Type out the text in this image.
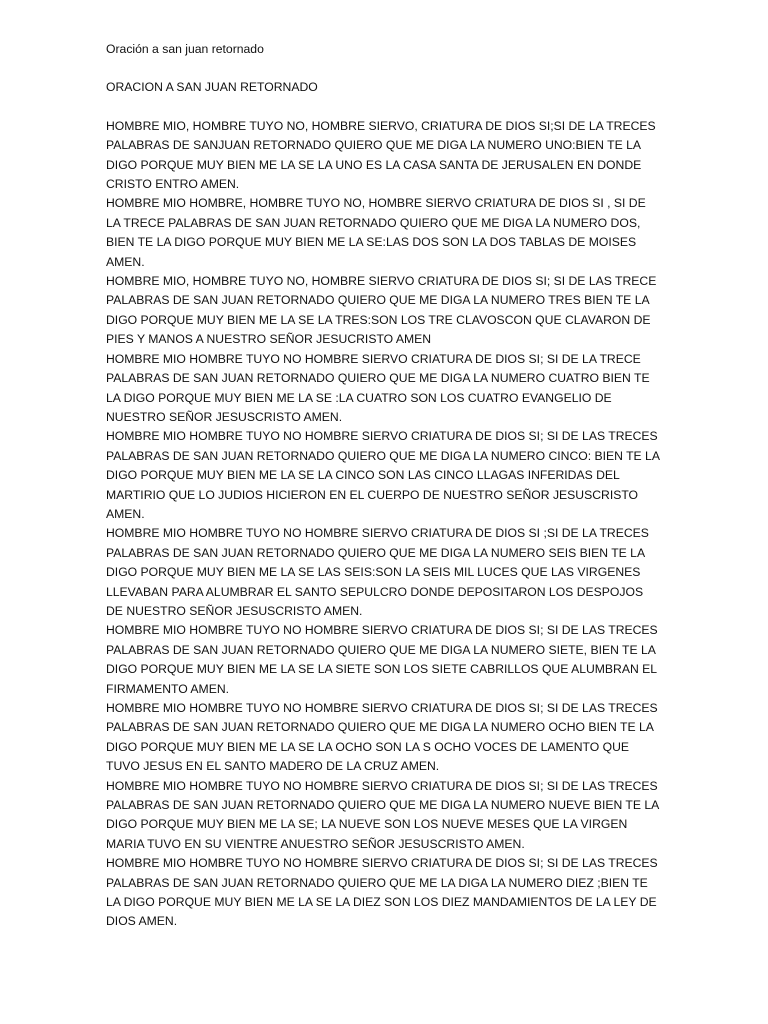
Oración a san juan retornado

ORACION A SAN JUAN RETORNADO

HOMBRE MIO, HOMBRE TUYO NO, HOMBRE SIERVO, CRIATURA DE DIOS SI;SI DE LA TRECES PALABRAS DE SANJUAN RETORNADO QUIERO QUE ME DIGA LA NUMERO UNO:BIEN TE LA DIGO PORQUE MUY BIEN ME LA SE LA UNO ES LA CASA SANTA DE JERUSALEN EN DONDE CRISTO ENTRO AMEN.

HOMBRE MIO HOMBRE, HOMBRE TUYO NO, HOMBRE SIERVO CRIATURA DE DIOS SI , SI DE LA TRECE PALABRAS DE SAN JUAN RETORNADO QUIERO QUE ME DIGA LA NUMERO DOS, BIEN TE LA DIGO PORQUE MUY BIEN ME LA SE:LAS DOS SON LA DOS TABLAS DE MOISES AMEN.

HOMBRE MIO, HOMBRE TUYO NO, HOMBRE SIERVO CRIATURA DE DIOS SI; SI DE LAS TRECE PALABRAS DE SAN JUAN RETORNADO QUIERO QUE ME DIGA LA NUMERO TRES BIEN TE LA DIGO PORQUE MUY BIEN ME LA SE LA TRES:SON LOS TRE CLAVOSCON QUE CLAVARON DE PIES Y MANOS A NUESTRO SEÑOR JESUCRISTO AMEN

HOMBRE MIO HOMBRE TUYO NO HOMBRE SIERVO CRIATURA DE DIOS SI; SI DE LA TRECE PALABRAS DE SAN JUAN RETORNADO QUIERO QUE ME DIGA LA NUMERO CUATRO BIEN TE LA DIGO PORQUE MUY BIEN ME LA SE :LA CUATRO SON LOS CUATRO EVANGELIO DE NUESTRO SEÑOR JESUSCRISTO AMEN.

HOMBRE MIO HOMBRE TUYO NO HOMBRE SIERVO CRIATURA DE DIOS SI; SI DE LAS TRECES PALABRAS DE SAN JUAN RETORNADO QUIERO QUE ME DIGA LA NUMERO CINCO: BIEN TE LA DIGO PORQUE MUY BIEN ME LA SE LA CINCO SON LAS CINCO LLAGAS INFERIDAS DEL MARTIRIO QUE LO JUDIOS HICIERON EN EL CUERPO DE NUESTRO SEÑOR JESUSCRISTO AMEN.

HOMBRE MIO HOMBRE TUYO NO HOMBRE SIERVO CRIATURA DE DIOS SI ;SI DE LA TRECES PALABRAS DE SAN JUAN RETORNADO QUIERO QUE ME DIGA LA NUMERO SEIS BIEN TE LA DIGO PORQUE MUY BIEN ME LA SE LAS SEIS:SON LA SEIS MIL LUCES QUE LAS VIRGENES LLEVABAN PARA ALUMBRAR EL SANTO SEPULCRO DONDE DEPOSITARON LOS DESPOJOS DE NUESTRO SEÑOR JESUSCRISTO AMEN.

HOMBRE MIO HOMBRE TUYO NO HOMBRE SIERVO CRIATURA DE DIOS SI; SI DE LAS TRECES PALABRAS DE SAN JUAN RETORNADO QUIERO QUE ME DIGA LA NUMERO SIETE, BIEN TE LA DIGO PORQUE MUY BIEN ME LA SE LA SIETE SON LOS SIETE CABRILLOS QUE ALUMBRAN EL FIRMAMENTO AMEN.

HOMBRE MIO HOMBRE TUYO NO HOMBRE SIERVO CRIATURA DE DIOS SI; SI DE LAS TRECES PALABRAS DE SAN JUAN RETORNADO QUIERO QUE ME DIGA LA NUMERO OCHO BIEN TE LA DIGO PORQUE MUY BIEN ME LA SE LA OCHO SON LA S OCHO VOCES DE LAMENTO QUE TUVO JESUS EN EL SANTO MADERO DE LA CRUZ AMEN.

HOMBRE MIO HOMBRE TUYO NO HOMBRE SIERVO CRIATURA DE DIOS SI; SI DE LAS TRECES PALABRAS DE SAN JUAN RETORNADO QUIERO QUE ME DIGA LA NUMERO NUEVE BIEN TE LA DIGO PORQUE MUY BIEN ME LA SE; LA NUEVE SON LOS NUEVE MESES QUE LA VIRGEN MARIA TUVO EN SU VIENTRE ANUESTRO SEÑOR JESUSCRISTO AMEN.

HOMBRE MIO HOMBRE TUYO NO HOMBRE SIERVO CRIATURA DE DIOS SI; SI DE LAS TRECES PALABRAS DE SAN JUAN RETORNADO QUIERO QUE ME LA DIGA LA NUMERO DIEZ ;BIEN TE LA DIGO PORQUE MUY BIEN ME LA SE LA DIEZ SON LOS DIEZ MANDAMIENTOS DE LA LEY DE DIOS AMEN.
